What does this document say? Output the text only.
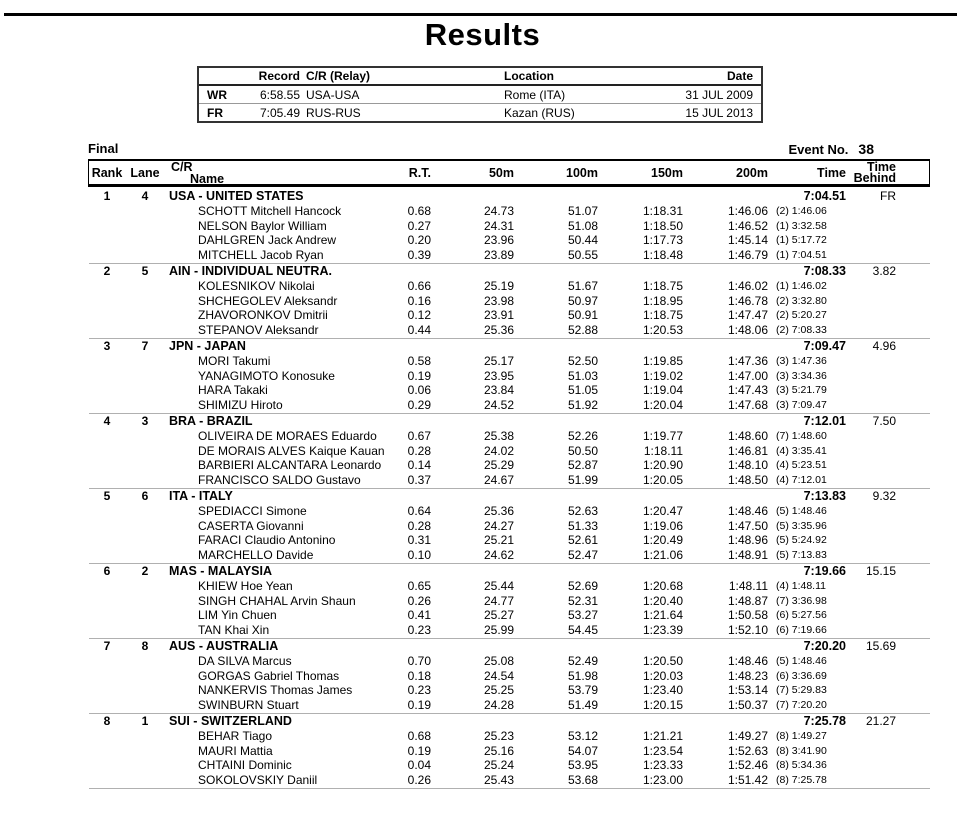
Results
Record C/R (Relay)	Location	Date
WR	6:58.55 USA-USA	Rome (ITA)	31 JUL 2009
FR	7:05.49 RUS-RUS	Kazan (RUS)	15 JUL 2013
Final	Event No. 38
Rank Lane C/R
Name	R.T.	50m	100m	150m	200m	Time	Time
Behind
1	4	USA - UNITED STATES	7:04.51	FR
SCHOTT Mitchell Hancock	0.68	24.73	51.07	1:18.31	1:46.06 (2) 1:46.06
NELSON Baylor William	0.27	24.31	51.08	1:18.50	1:46.52 (1) 3:32.58
DAHLGREN Jack Andrew	0.20	23.96	50.44	1:17.73	1:45.14 (1) 5:17.72
MITCHELL Jacob Ryan	0.39	23.89	50.55	1:18.48	1:46.79 (1) 7:04.51
2	5	AIN - INDIVIDUAL NEUTRA.	7:08.33	3.82
KOLESNIKOV Nikolai	0.66	25.19	51.67	1:18.75	1:46.02 (1) 1:46.02
SHCHEGOLEV Aleksandr	0.16	23.98	50.97	1:18.95	1:46.78 (2) 3:32.80
ZHAVORONKOV Dmitrii	0.12	23.91	50.91	1:18.75	1:47.47 (2) 5:20.27
STEPANOV Aleksandr	0.44	25.36	52.88	1:20.53	1:48.06 (2) 7:08.33
3	7	JPN - JAPAN	7:09.47	4.96
MORI Takumi	0.58	25.17	52.50	1:19.85	1:47.36 (3) 1:47.36
YANAGIMOTO Konosuke	0.19	23.95	51.03	1:19.02	1:47.00 (3) 3:34.36
HARA Takaki	0.06	23.84	51.05	1:19.04	1:47.43 (3) 5:21.79
SHIMIZU Hiroto	0.29	24.52	51.92	1:20.04	1:47.68 (3) 7:09.47
4	3	BRA - BRAZIL	7:12.01	7.50
OLIVEIRA DE MORAES Eduardo	0.67	25.38	52.26	1:19.77	1:48.60 (7) 1:48.60
DE MORAIS ALVES Kaique Kauan	0.28	24.02	50.50	1:18.11	1:46.81 (4) 3:35.41
BARBIERI ALCANTARA Leonardo	0.14	25.29	52.87	1:20.90	1:48.10 (4) 5:23.51
FRANCISCO SALDO Gustavo	0.37	24.67	51.99	1:20.05	1:48.50 (4) 7:12.01
5	6	ITA - ITALY	7:13.83	9.32
SPEDIACCI Simone	0.64	25.36	52.63	1:20.47	1:48.46 (5) 1:48.46
CASERTA Giovanni	0.28	24.27	51.33	1:19.06	1:47.50 (5) 3:35.96
FARACI Claudio Antonino	0.31	25.21	52.61	1:20.49	1:48.96 (5) 5:24.92
MARCHELLO Davide	0.10	24.62	52.47	1:21.06	1:48.91 (5) 7:13.83
6	2	MAS - MALAYSIA	7:19.66	15.15
KHIEW Hoe Yean	0.65	25.44	52.69	1:20.68	1:48.11 (4) 1:48.11
SINGH CHAHAL Arvin Shaun	0.26	24.77	52.31	1:20.40	1:48.87 (7) 3:36.98
LIM Yin Chuen	0.41	25.27	53.27	1:21.64	1:50.58 (6) 5:27.56
TAN Khai Xin	0.23	25.99	54.45	1:23.39	1:52.10 (6) 7:19.66
7	8	AUS - AUSTRALIA	7:20.20	15.69
DA SILVA Marcus	0.70	25.08	52.49	1:20.50	1:48.46 (5) 1:48.46
GORGAS Gabriel Thomas	0.18	24.54	51.98	1:20.03	1:48.23 (6) 3:36.69
NANKERVIS Thomas James	0.23	25.25	53.79	1:23.40	1:53.14 (7) 5:29.83
SWINBURN Stuart	0.19	24.28	51.49	1:20.15	1:50.37 (7) 7:20.20
8	1	SUI - SWITZERLAND	7:25.78	21.27
BEHAR Tiago	0.68	25.23	53.12	1:21.21	1:49.27 (8) 1:49.27
MAURI Mattia	0.19	25.16	54.07	1:23.54	1:52.63 (8) 3:41.90
CHTAINI Dominic	0.04	25.24	53.95	1:23.33	1:52.46 (8) 5:34.36
SOKOLOVSKIY Daniil	0.26	25.43	53.68	1:23.00	1:51.42 (8) 7:25.78
